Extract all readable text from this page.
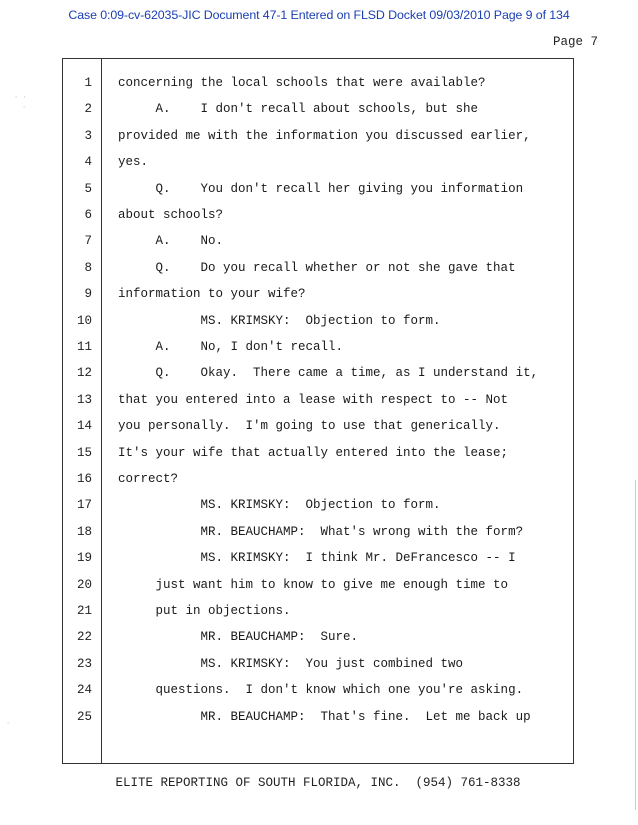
Case 0:09-cv-62035-JIC Document 47-1 Entered on FLSD Docket 09/03/2010 Page 9 of 134
Page 7
1 concerning the local schools that were available?
2 A.    I don't recall about schools, but she
3 provided me with the information you discussed earlier,
4 yes.
5 Q.    You don't recall her giving you information
6 about schools?
7 A.    No.
8 Q.    Do you recall whether or not she gave that
9 information to your wife?
10 MS. KRIMSKY:  Objection to form.
11 A.    No, I don't recall.
12 Q.    Okay.  There came a time, as I understand it,
13 that you entered into a lease with respect to -- Not
14 you personally.  I'm going to use that generically.
15 It's your wife that actually entered into the lease;
16 correct?
17 MS. KRIMSKY:  Objection to form.
18 MR. BEAUCHAMP:  What's wrong with the form?
19 MS. KRIMSKY:  I think Mr. DeFrancesco -- I
20 just want him to know to give me enough time to
21 put in objections.
22 MR. BEAUCHAMP:  Sure.
23 MS. KRIMSKY:  You just combined two
24 questions.  I don't know which one you're asking.
25 MR. BEAUCHAMP:  That's fine.  Let me back up
ELITE REPORTING OF SOUTH FLORIDA, INC.  (954) 761-8338
· ·
·
·
